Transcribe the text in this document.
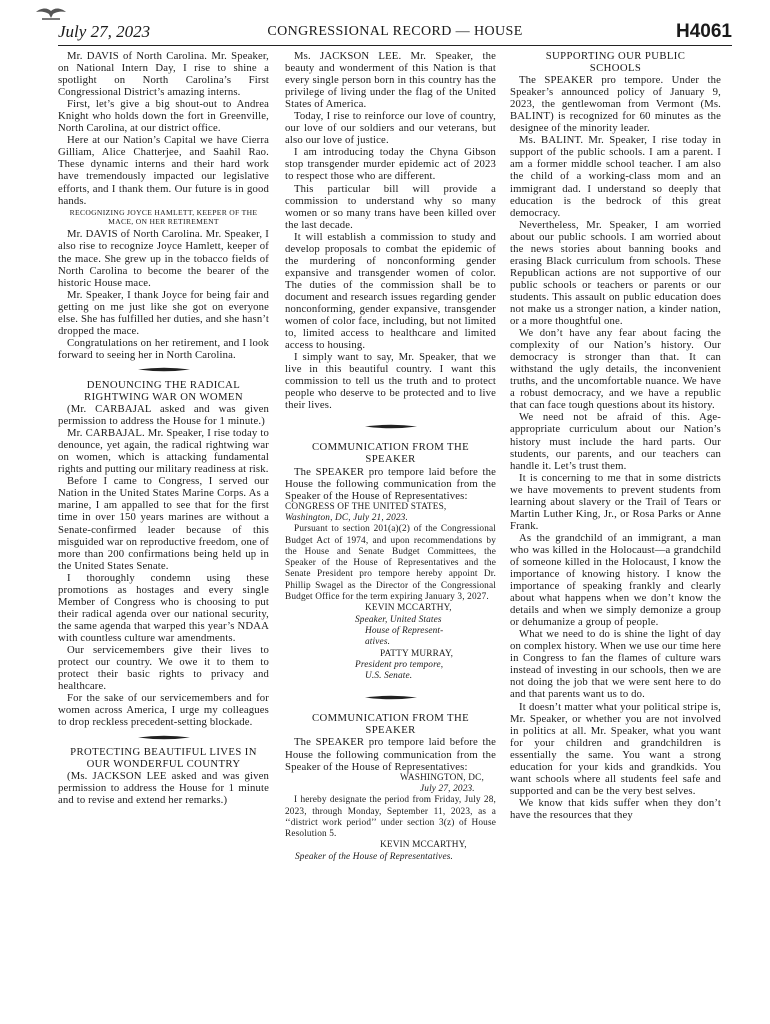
July 27, 2023	CONGRESSIONAL RECORD — HOUSE	H4061

Mr. DAVIS of North Carolina. Mr. Speaker, on National Intern Day, I rise to shine a spotlight on North Carolina’s First Congressional District’s amazing interns.

First, let’s give a big shout-out to Andrea Knight who holds down the fort in Greenville, North Carolina, at our district office.

Here at our Nation’s Capital we have Cierra Gilliam, Alice Chatterjee, and Saahil Rao. These dynamic interns and their hard work have tremendously impacted our legislative efforts, and I thank them. Our future is in good hands.

RECOGNIZING JOYCE HAMLETT, KEEPER OF THE MACE, ON HER RETIREMENT

Mr. DAVIS of North Carolina. Mr. Speaker, I also rise to recognize Joyce Hamlett, keeper of the mace. She grew up in the tobacco fields of North Carolina to become the bearer of the historic House mace.

Mr. Speaker, I thank Joyce for being fair and getting on me just like she got on everyone else. She has fulfilled her duties, and she hasn’t dropped the mace.

Congratulations on her retirement, and I look forward to seeing her in North Carolina.

DENOUNCING THE RADICAL RIGHTWING WAR ON WOMEN

(Mr. CARBAJAL asked and was given permission to address the House for 1 minute.)

Mr. CARBAJAL. Mr. Speaker, I rise today to denounce, yet again, the radical rightwing war on women, which is attacking fundamental rights and putting our military readiness at risk.

Before I came to Congress, I served our Nation in the United States Marine Corps. As a marine, I am appalled to see that for the first time in over 150 years marines are without a Senate-confirmed leader because of this misguided war on reproductive freedom, one of more than 200 confirmations being held up in the United States Senate.

I thoroughly condemn using these promotions as hostages and every single Member of Congress who is choosing to put their radical agenda over our national security, the same agenda that warped this year’s NDAA with countless culture war amendments.

Our servicemembers give their lives to protect our country. We owe it to them to protect their basic rights to privacy and healthcare.

For the sake of our servicemembers and for women across America, I urge my colleagues to drop reckless precedent-setting blockade.

PROTECTING BEAUTIFUL LIVES IN OUR WONDERFUL COUNTRY

(Ms. JACKSON LEE asked and was given permission to address the House for 1 minute and to revise and extend her remarks.)

Ms. JACKSON LEE. Mr. Speaker, the beauty and wonderment of this Nation is that every single person born in this country has the privilege of living under the flag of the United States of America.

Today, I rise to reinforce our love of country, our love of our soldiers and our veterans, but also our love of justice.

I am introducing today the Chyna Gibson stop transgender murder epidemic act of 2023 to respect those who are different.

This particular bill will provide a commission to understand why so many women or so many trans have been killed over the last decade.

It will establish a commission to study and develop proposals to combat the epidemic of the murdering of nonconforming gender expansive and transgender women of color. The duties of the commission shall be to document and research issues regarding gender nonconforming, gender expansive, transgender women of color face, including, but not limited to, limited access to healthcare and limited access to housing.

I simply want to say, Mr. Speaker, that we live in this beautiful country. I want this commission to tell us the truth and to protect people who deserve to be protected and to live their lives.

COMMUNICATION FROM THE SPEAKER

The SPEAKER pro tempore laid before the House the following communication from the Speaker of the House of Representatives:

CONGRESS OF THE UNITED STATES,

Washington, DC, July 21, 2023.

Pursuant to section 201(a)(2) of the Congressional Budget Act of 1974, and upon recommendations by the House and Senate Budget Committees, the Speaker of the House of Representatives and the Senate President pro tempore hereby appoint Dr. Phillip Swagel as the Director of the Congressional Budget Office for the term expiring January 3, 2027.

KEVIN MCCARTHY,

Speaker, United States

House of Represent-

atives.

PATTY MURRAY,

President pro tempore,

U.S. Senate.

COMMUNICATION FROM THE SPEAKER

The SPEAKER pro tempore laid before the House the following communication from the Speaker of the House of Representatives:

WASHINGTON, DC,

July 27, 2023.

I hereby designate the period from Friday, July 28, 2023, through Monday, September 11, 2023, as a ‘‘district work period’’ under section 3(z) of House Resolution 5.

KEVIN MCCARTHY,

Speaker of the House of Representatives.

SUPPORTING OUR PUBLIC SCHOOLS

The SPEAKER pro tempore. Under the Speaker’s announced policy of January 9, 2023, the gentlewoman from Vermont (Ms. BALINT) is recognized for 60 minutes as the designee of the minority leader.

Ms. BALINT. Mr. Speaker, I rise today in support of the public schools. I am a parent. I am a former middle school teacher. I am also the child of a working-class mom and an immigrant dad. I understand so deeply that education is the bedrock of this great democracy.

Nevertheless, Mr. Speaker, I am worried about our public schools. I am worried about the news stories about banning books and erasing Black curriculum from schools. These Republican actions are not supportive of our public schools or teachers or parents or our students. This assault on public education does not make us a stronger nation, a kinder nation, or a more thoughtful one.

We don’t have any fear about facing the complexity of our Nation’s history. Our democracy is stronger than that. It can withstand the ugly details, the inconvenient truths, and the uncomfortable nuance. We have a robust democracy, and we have a republic that can face tough questions about its history.

We need not be afraid of this. Age-appropriate curriculum about our Nation’s history must include the hard parts. Our students, our parents, and our teachers can handle it. Let’s trust them.

It is concerning to me that in some districts we have movements to prevent students from learning about slavery or the Trail of Tears or Martin Luther King, Jr., or Rosa Parks or Anne Frank.

As the grandchild of an immigrant, a man who was killed in the Holocaust—a grandchild of someone killed in the Holocaust, I know the importance of knowing history. I know the importance of speaking frankly and clearly about what happens when we don’t know the details and when we simply demonize a group or dehumanize a group of people.

What we need to do is shine the light of day on complex history. When we use our time here in Congress to fan the flames of culture wars instead of investing in our schools, then we are not doing the job that we were sent here to do and that parents want us to do.

It doesn’t matter what your political stripe is, Mr. Speaker, or whether you are not involved in politics at all. Mr. Speaker, what you want for your children and grandchildren is essentially the same. You want a strong education for your kids and grandkids. You want schools where all students feel safe and supported and can be the very best selves.

We know that kids suffer when they don’t have the resources that they
